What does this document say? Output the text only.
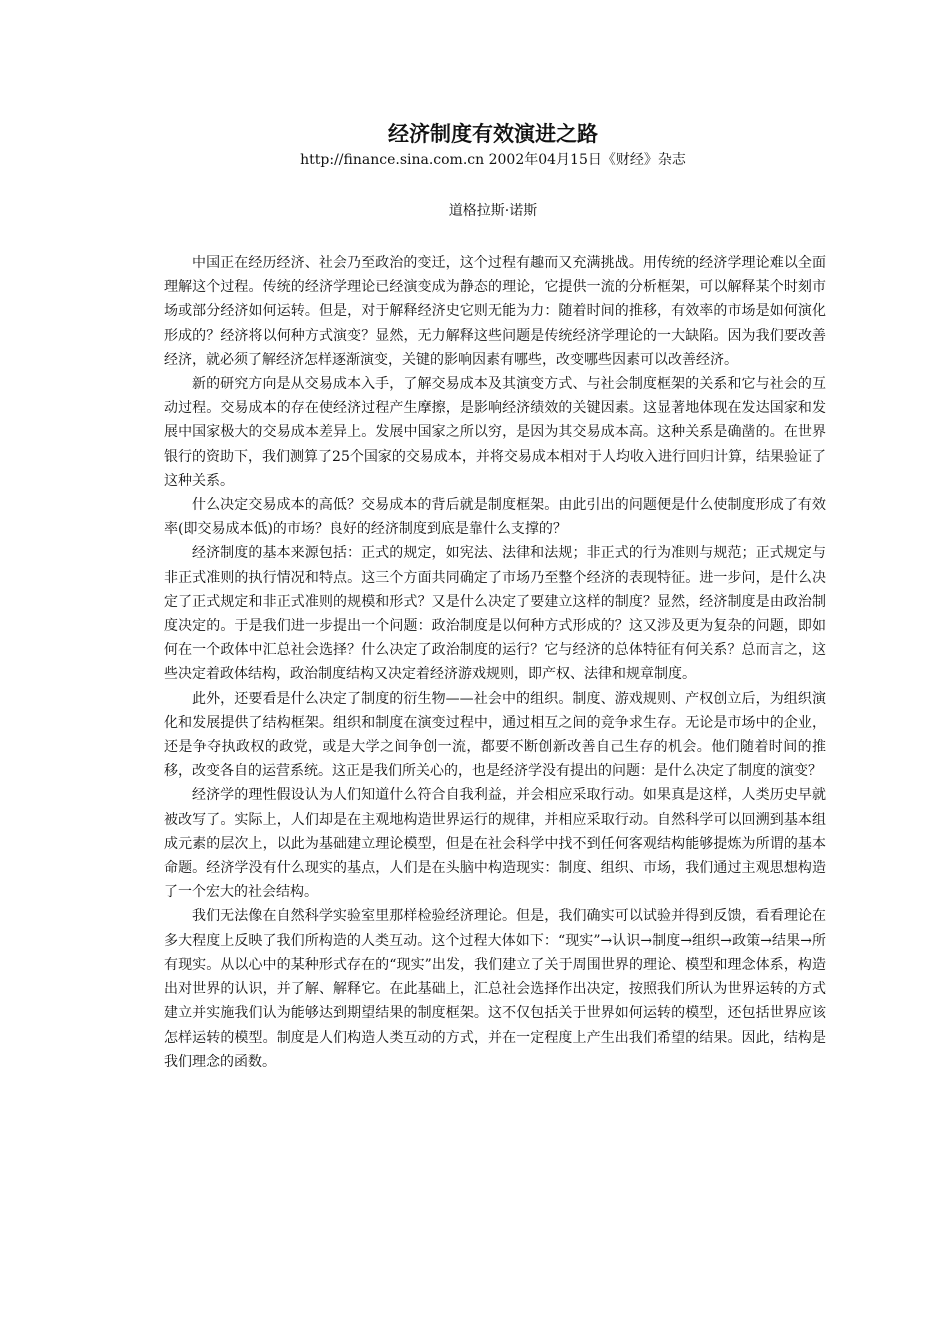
经济制度有效演进之路
http://finance.sina.com.cn 2002年04月15日《财经》杂志
道格拉斯·诺斯

中国正在经历经济、社会乃至政治的变迁，这个过程有趣而又充满挑战。用传统的经济学理论难以全面理解这个过程。传统的经济学理论已经演变成为静态的理论，它提供一流的分析框架，可以解释某个时刻市场或部分经济如何运转。但是，对于解释经济史它则无能为力：随着时间的推移，有效率的市场是如何演化形成的？经济将以何种方式演变？显然，无力解释这些问题是传统经济学理论的一大缺陷。因为我们要改善经济，就必须了解经济怎样逐渐演变，关键的影响因素有哪些，改变哪些因素可以改善经济。

新的研究方向是从交易成本入手，了解交易成本及其演变方式、与社会制度框架的关系和它与社会的互动过程。交易成本的存在使经济过程产生摩擦，是影响经济绩效的关键因素。这显著地体现在发达国家和发展中国家极大的交易成本差异上。发展中国家之所以穷，是因为其交易成本高。这种关系是确凿的。在世界银行的资助下，我们测算了25个国家的交易成本，并将交易成本相对于人均收入进行回归计算，结果验证了这种关系。

什么决定交易成本的高低？交易成本的背后就是制度框架。由此引出的问题便是什么使制度形成了有效率(即交易成本低)的市场？良好的经济制度到底是靠什么支撑的？

经济制度的基本来源包括：正式的规定，如宪法、法律和法规；非正式的行为准则与规范；正式规定与非正式准则的执行情况和特点。这三个方面共同确定了市场乃至整个经济的表现特征。进一步问，是什么决定了正式规定和非正式准则的规模和形式？又是什么决定了要建立这样的制度？显然，经济制度是由政治制度决定的。于是我们进一步提出一个问题：政治制度是以何种方式形成的？这又涉及更为复杂的问题，即如何在一个政体中汇总社会选择？什么决定了政治制度的运行？它与经济的总体特征有何关系？总而言之，这些决定着政体结构，政治制度结构又决定着经济游戏规则，即产权、法律和规章制度。

此外，还要看是什么决定了制度的衍生物——社会中的组织。制度、游戏规则、产权创立后，为组织演化和发展提供了结构框架。组织和制度在演变过程中，通过相互之间的竞争求生存。无论是市场中的企业，还是争夺执政权的政党，或是大学之间争创一流，都要不断创新改善自己生存的机会。他们随着时间的推移，改变各自的运营系统。这正是我们所关心的，也是经济学没有提出的问题：是什么决定了制度的演变？

经济学的理性假设认为人们知道什么符合自我利益，并会相应采取行动。如果真是这样，人类历史早就被改写了。实际上，人们却是在主观地构造世界运行的规律，并相应采取行动。自然科学可以回溯到基本组成元素的层次上，以此为基础建立理论模型，但是在社会科学中找不到任何客观结构能够提炼为所谓的基本命题。经济学没有什么现实的基点，人们是在头脑中构造现实：制度、组织、市场，我们通过主观思想构造了一个宏大的社会结构。

我们无法像在自然科学实验室里那样检验经济理论。但是，我们确实可以试验并得到反馈，看看理论在多大程度上反映了我们所构造的人类互动。这个过程大体如下：“现实”→认识→制度→组织→政策→结果→所有现实。从以心中的某种形式存在的“现实”出发，我们建立了关于周围世界的理论、模型和理念体系，构造出对世界的认识，并了解、解释它。在此基础上，汇总社会选择作出决定，按照我们所认为世界运转的方式建立并实施我们认为能够达到期望结果的制度框架。这不仅包括关于世界如何运转的模型，还包括世界应该怎样运转的模型。制度是人们构造人类互动的方式，并在一定程度上产生出我们希望的结果。因此，结构是我们理念的函数。
